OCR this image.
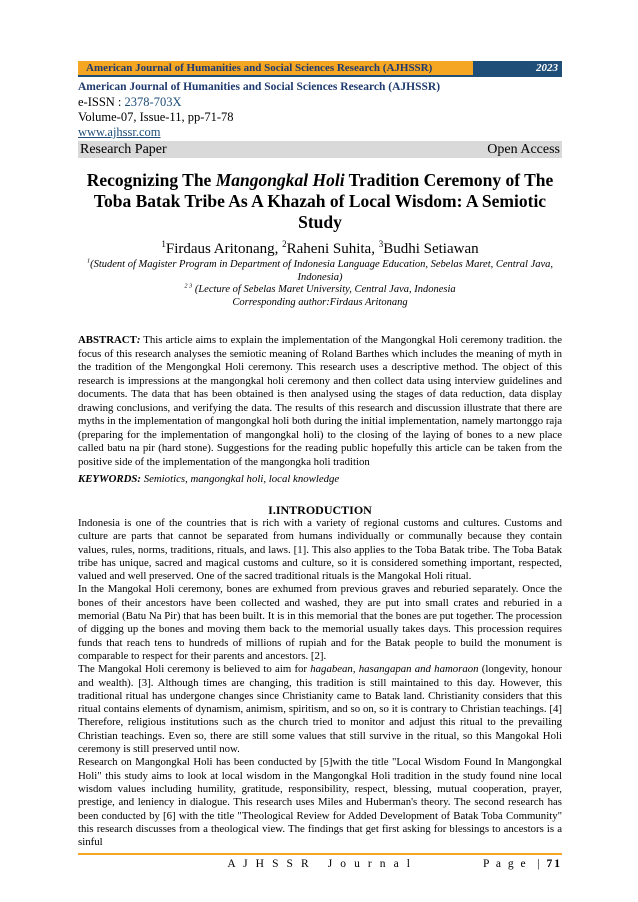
American Journal of Humanities and Social Sciences Research (AJHSSR)	2023
American Journal of Humanities and Social Sciences Research (AJHSSR)
e-ISSN : 2378-703X
Volume-07, Issue-11, pp-71-78
www.ajhssr.com
Research Paper	Open Access
Recognizing The Mangongkal Holi Tradition Ceremony of The Toba Batak Tribe As A Khazah of Local Wisdom: A Semiotic Study
$^1$Firdaus Aritonang, $^2$Raheni Suhita, $^3$Budhi Setiawan
$^1$(Student of Magister Program in Department of Indonesia Language Education, Sebelas Maret, Central Java, Indonesia)
$^{2 3}$ (Lecture of Sebelas Maret University, Central Java, Indonesia
Corresponding author:Firdaus Aritonang
ABSTRACT: This article aims to explain the implementation of the Mangongkal Holi ceremony tradition. the focus of this research analyses the semiotic meaning of Roland Barthes which includes the meaning of myth in the tradition of the Mengongkal Holi ceremony. This research uses a descriptive method. The object of this research is impressions at the mangongkal holi ceremony and then collect data using interview guidelines and documents. The data that has been obtained is then analysed using the stages of data reduction, data display drawing conclusions, and verifying the data. The results of this research and discussion illustrate that there are myths in the implementation of mangongkal holi both during the initial implementation, namely martonggo raja (preparing for the implementation of mangongkal holi) to the closing of the laying of bones to a new place called batu na pir (hard stone). Suggestions for the reading public hopefully this article can be taken from the positive side of the implementation of the mangongka holi tradition
KEYWORDS: Semiotics, mangongkal holi, local knowledge
I.INTRODUCTION

Indonesia is one of the countries that is rich with a variety of regional customs and cultures. Customs and culture are parts that cannot be separated from humans individually or communally because they contain values, rules, norms, traditions, rituals, and laws. [1]. This also applies to the Toba Batak tribe. The Toba Batak tribe has unique, sacred and magical customs and culture, so it is considered something important, respected, valued and well preserved. One of the sacred traditional rituals is the Mangokal Holi ritual.

In the Mangokal Holi ceremony, bones are exhumed from previous graves and reburied separately. Once the bones of their ancestors have been collected and washed, they are put into small crates and reburied in a memorial (Batu Na Pir) that has been built. It is in this memorial that the bones are put together. The procession of digging up the bones and moving them back to the memorial usually takes days. This procession requires funds that reach tens to hundreds of millions of rupiah and for the Batak people to build the monument is comparable to respect for their parents and ancestors. [2].

The Mangokal Holi ceremony is believed to aim for hagabean, hasangapan and hamoraon (longevity, honour and wealth). [3]. Although times are changing, this tradition is still maintained to this day. However, this traditional ritual has undergone changes since Christianity came to Batak land. Christianity considers that this ritual contains elements of dynamism, animism, spiritism, and so on, so it is contrary to Christian teachings. [4] Therefore, religious institutions such as the church tried to monitor and adjust this ritual to the prevailing Christian teachings. Even so, there are still some values that still survive in the ritual, so this Mangokal Holi ceremony is still preserved until now.

Research on Mangongkal Holi has been conducted by [5]with the title "Local Wisdom Found In Mangongkal Holi" this study aims to look at local wisdom in the Mangongkal Holi tradition in the study found nine local wisdom values including humility, gratitude, responsibility, respect, blessing, mutual cooperation, prayer, prestige, and leniency in dialogue. This research uses Miles and Huberman's theory. The second research has been conducted by [6] with the title "Theological Review for Added Development of Batak Toba Community" this research discusses from a theological view. The findings that get first asking for blessings to ancestors is a sinful

A J H S S R   J o u r n a l	P a g e  | 71
